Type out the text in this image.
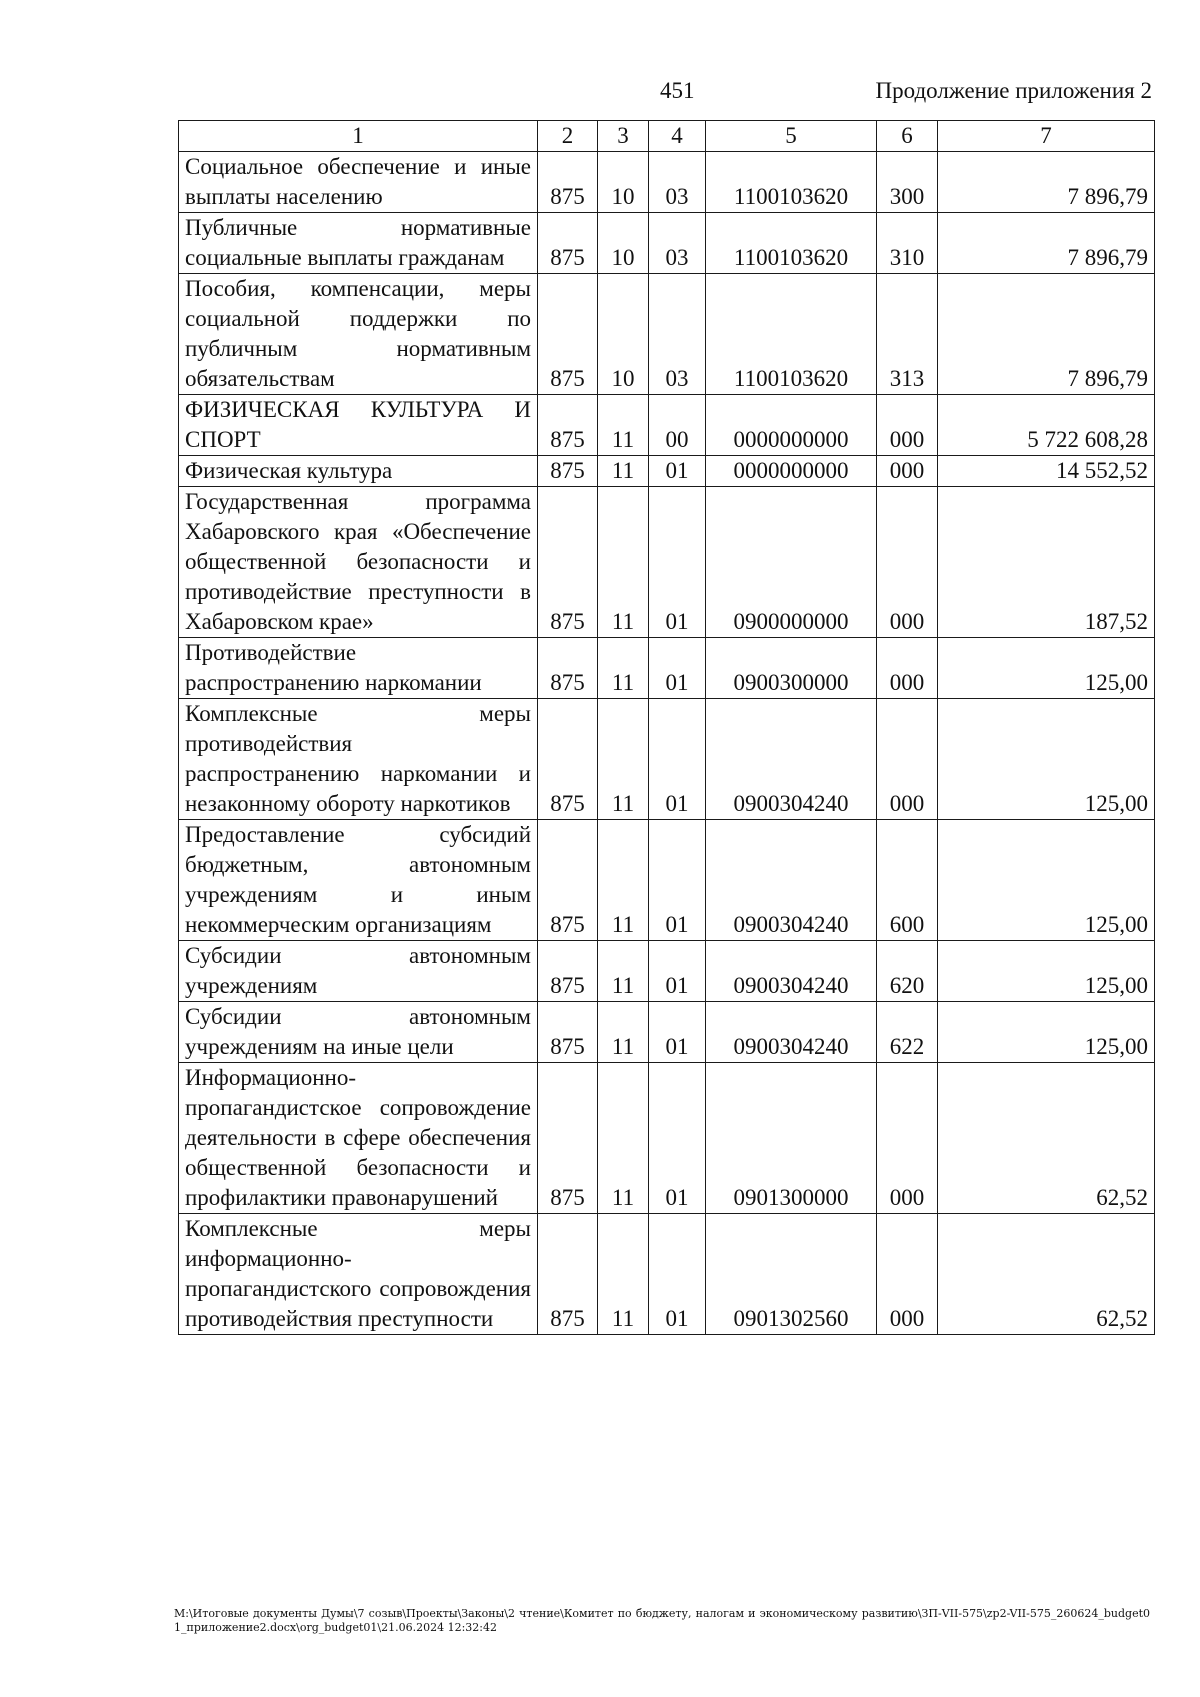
451	Продолжение приложения 2
1	2	3	4	5	6	7
Социальное обеспечение и иные выплаты населению	875	10	03	1100103620	300	7 896,79
Публичные нормативные социальные выплаты гражданам	875	10	03	1100103620	310	7 896,79
Пособия, компенсации, меры социальной поддержки по публичным нормативным обязательствам	875	10	03	1100103620	313	7 896,79
ФИЗИЧЕСКАЯ КУЛЬТУРА И СПОРТ	875	11	00	0000000000	000	5 722 608,28
Физическая культура	875	11	01	0000000000	000	14 552,52
Государственная программа Хабаровского края «Обеспечение общественной безопасности и противодействие преступности в Хабаровском крае»	875	11	01	0900000000	000	187,52
Противодействие распространению наркомании	875	11	01	0900300000	000	125,00
Комплексные меры противодействия распространению наркомании и незаконному обороту наркотиков	875	11	01	0900304240	000	125,00
Предоставление субсидий бюджетным, автономным учреждениям и иным некоммерческим организациям	875	11	01	0900304240	600	125,00
Субсидии автономным учреждениям	875	11	01	0900304240	620	125,00
Субсидии автономным учреждениям на иные цели	875	11	01	0900304240	622	125,00
Информационно-пропагандистское сопровождение деятельности в сфере обеспечения общественной безопасности и профилактики правонарушений	875	11	01	0901300000	000	62,52
Комплексные меры информационно-пропагандистского сопровождения противодействия преступности	875	11	01	0901302560	000	62,52
М:\Итоговые документы Думы\7 созыв\Проекты\Законы\2 чтение\Комитет по бюджету, налогам и экономическому развитию\ЗП-VII-575\zp2-VII-575_260624_budget01_приложение2.docx\org_budget01\21.06.2024 12:32:42
